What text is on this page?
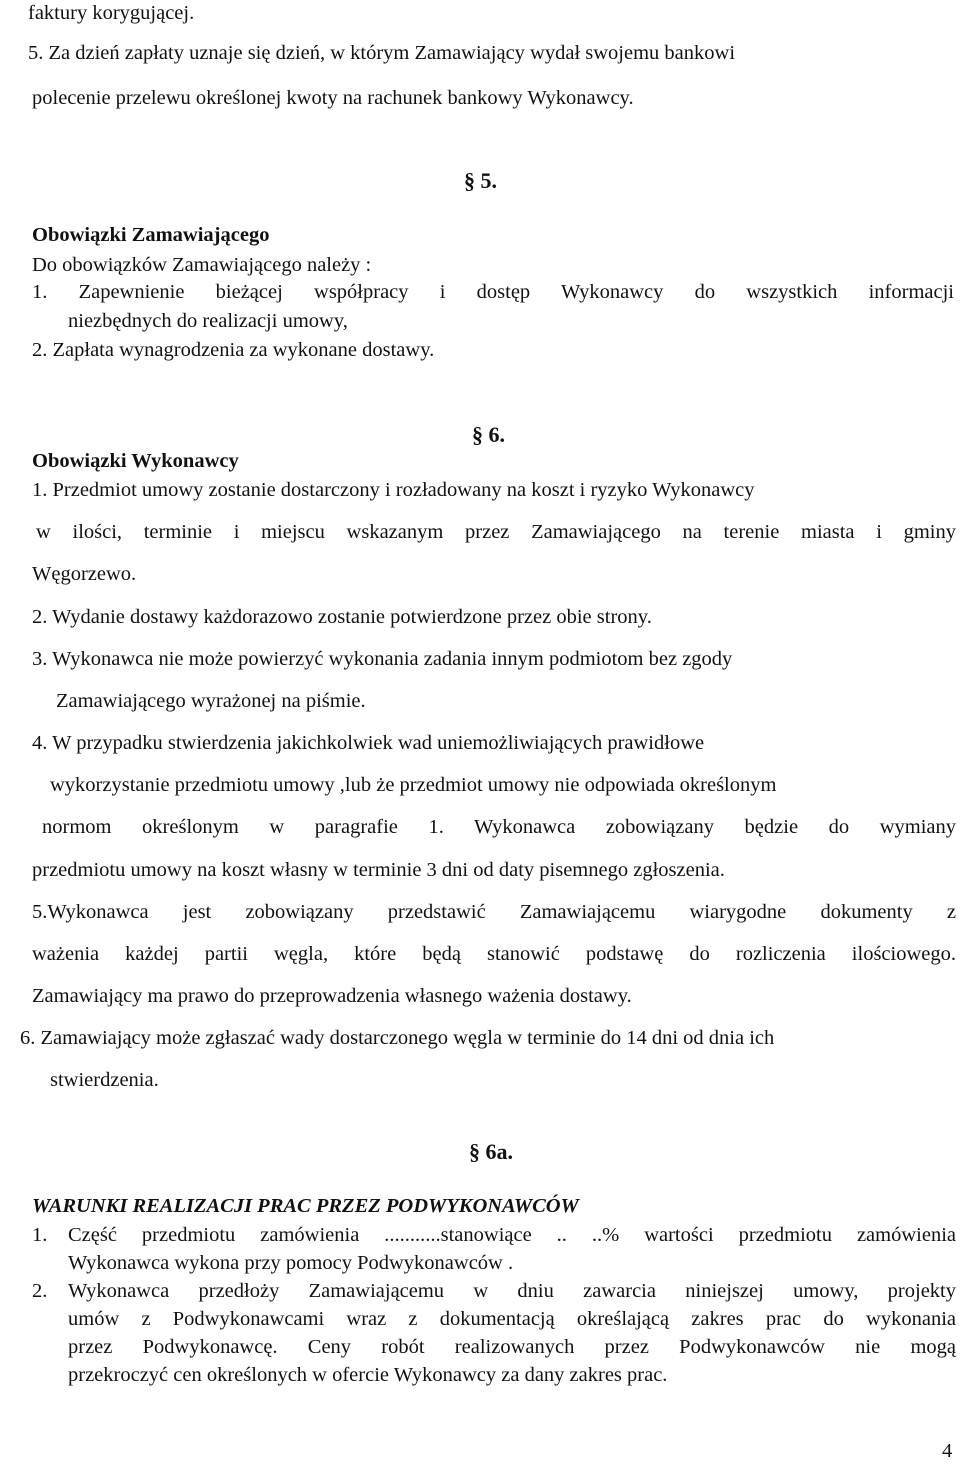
faktury korygującej.
5. Za dzień zapłaty uznaje się dzień, w którym Zamawiający wydał swojemu bankowi
polecenie przelewu określonej kwoty na rachunek bankowy Wykonawcy.
§ 5.
Obowiązki Zamawiającego
Do obowiązków Zamawiającego należy :
1. Zapewnienie bieżącej współpracy i dostęp Wykonawcy do wszystkich informacji
niezbędnych do realizacji umowy,
2. Zapłata wynagrodzenia za wykonane dostawy.
§ 6.
Obowiązki Wykonawcy
1. Przedmiot umowy zostanie dostarczony i rozładowany na koszt i ryzyko Wykonawcy
w ilości, terminie i miejscu wskazanym przez Zamawiającego na terenie miasta i gminy
Węgorzewo.
2. Wydanie dostawy każdorazowo zostanie potwierdzone przez obie strony.
3. Wykonawca nie może powierzyć wykonania zadania innym podmiotom bez zgody
Zamawiającego wyrażonej na piśmie.
4. W przypadku stwierdzenia jakichkolwiek wad uniemożliwiających prawidłowe
wykorzystanie przedmiotu umowy ,lub że przedmiot umowy nie odpowiada określonym
normom określonym w paragrafie 1. Wykonawca zobowiązany będzie do wymiany
przedmiotu umowy na koszt własny w terminie 3 dni od daty pisemnego zgłoszenia.
5.Wykonawca jest zobowiązany przedstawić Zamawiającemu wiarygodne dokumenty z
ważenia każdej partii węgla, które będą stanowić podstawę do rozliczenia ilościowego.
Zamawiający ma prawo do przeprowadzenia własnego ważenia dostawy.
6. Zamawiający może zgłaszać wady dostarczonego węgla w terminie do 14 dni od dnia ich
stwierdzenia.
§ 6a.
WARUNKI REALIZACJI PRAC PRZEZ PODWYKONAWCÓW
1. Część przedmiotu zamówienia ...........stanowiące .. ..% wartości przedmiotu zamówienia
Wykonawca wykona przy pomocy Podwykonawców .
2. Wykonawca przedłoży Zamawiającemu w dniu zawarcia niniejszej umowy, projekty
umów z Podwykonawcami wraz z dokumentacją określającą zakres prac do wykonania
przez Podwykonawcę. Ceny robót realizowanych przez Podwykonawców nie mogą
przekroczyć cen określonych w ofercie Wykonawcy za dany zakres prac.
4
